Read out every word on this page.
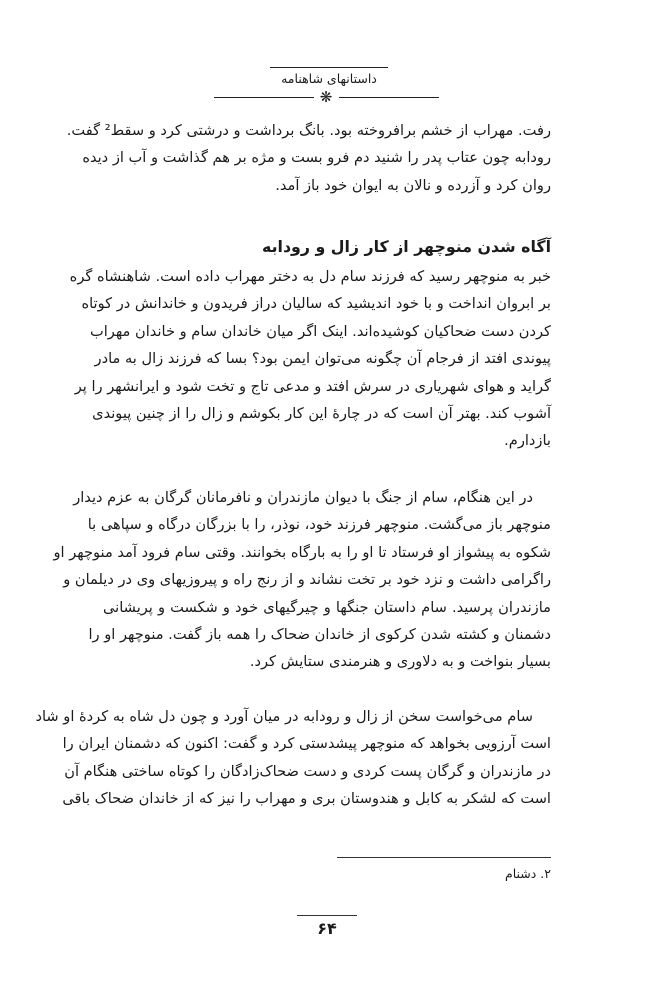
داستانهای شاهنامه
❋
رفت. مهراب از خشم برافروخته بود. بانگ برداشت و درشتی کرد و سقط² گفت.
رودابه چون عتاب پدر را شنید دم فرو بست و مژه بر هم گذاشت و آب از دیده
روان کرد و آزرده و نالان به ایوان خود باز آمد.
آگاه شدن منوچهر از کار زال و رودابه
خبر به منوچهر رسید که فرزند سام دل به دختر مهراب داده است. شاهنشاه گره
بر ابروان انداخت و با خود اندیشید که سالیان دراز فریدون و خاندانش در کوتاه
کردن دست ضحاکیان کوشیده‌اند. اینک اگر میان خاندان سام و خاندان مهراب
پیوندی افتد از فرجام آن چگونه می‌توان ایمن بود؟ بسا که فرزند زال به مادر
گراید و هوای شهریاری در سرش افتد و مدعی تاج و تخت شود و ایرانشهر را پر
آشوب کند. بهتر آن است که در چارهٔ این کار بکوشم و زال را از چنین پیوندی
بازدارم.
در این هنگام، سام از جنگ با دیوان مازندران و نافرمانان گرگان به عزم دیدار
منوچهر باز می‌گشت. منوچهر فرزند خود، نوذر، را با بزرگان درگاه و سپاهی با
شکوه به پیشواز او فرستاد تا او را به بارگاه بخوانند. وقتی سام فرود آمد منوچهر او
راگرامی داشت و نزد خود بر تخت نشاند و از رنج راه و پیروزیهای وی در دیلمان و
مازندران پرسید. سام داستان جنگها و چیرگیهای خود و شکست و پریشانی
دشمنان و کشته شدن کرکوی از خاندان ضحاک را همه باز گفت. منوچهر او را
بسیار بنواخت و به دلاوری و هنرمندی ستایش کرد.
سام می‌خواست سخن از زال و رودابه در میان آورد و چون دل شاه به کردهٔ او شاد
است آرزویی بخواهد که منوچهر پیشدستی کرد و گفت: اکنون که دشمنان ایران را
در مازندران و گرگان پست کردی و دست ضحاک‌زادگان را کوتاه ساختی هنگام آن
است که لشکر به کابل و هندوستان بری و مهراب را نیز که از خاندان ضحاک باقی
۲. دشنام
۶۴
